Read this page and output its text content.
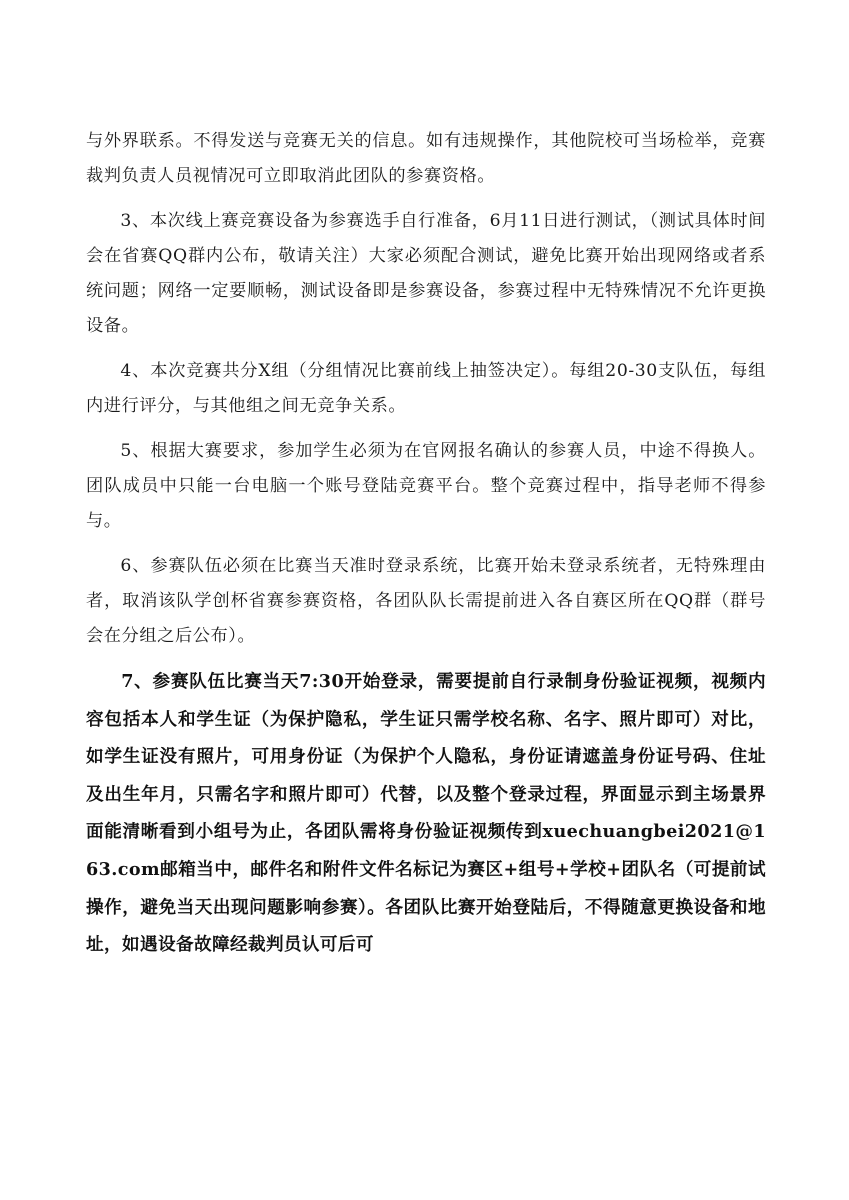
与外界联系。不得发送与竞赛无关的信息。如有违规操作，其他院校可当场检举，竞赛裁判负责人员视情况可立即取消此团队的参赛资格。

3、本次线上赛竞赛设备为参赛选手自行准备，6月11日进行测试，（测试具体时间会在省赛QQ群内公布，敬请关注）大家必须配合测试，避免比赛开始出现网络或者系统问题；网络一定要顺畅，测试设备即是参赛设备，参赛过程中无特殊情况不允许更换设备。

4、本次竞赛共分X组（分组情况比赛前线上抽签决定）。每组20-30支队伍，每组内进行评分，与其他组之间无竞争关系。

5、根据大赛要求，参加学生必须为在官网报名确认的参赛人员，中途不得换人。团队成员中只能一台电脑一个账号登陆竞赛平台。整个竞赛过程中，指导老师不得参与。

6、参赛队伍必须在比赛当天准时登录系统，比赛开始未登录系统者，无特殊理由者，取消该队学创杯省赛参赛资格，各团队队长需提前进入各自赛区所在QQ群（群号会在分组之后公布）。

7、参赛队伍比赛当天7:30开始登录，需要提前自行录制身份验证视频，视频内容包括本人和学生证（为保护隐私，学生证只需学校名称、名字、照片即可）对比，如学生证没有照片，可用身份证（为保护个人隐私，身份证请遮盖身份证号码、住址及出生年月，只需名字和照片即可）代替，以及整个登录过程，界面显示到主场景界面能清晰看到小组号为止，各团队需将身份验证视频传到xuechuangbei2021@163.com邮箱当中，邮件名和附件文件名标记为赛区+组号+学校+团队名（可提前试操作，避免当天出现问题影响参赛）。各团队比赛开始登陆后，不得随意更换设备和地址，如遇设备故障经裁判员认可后可
